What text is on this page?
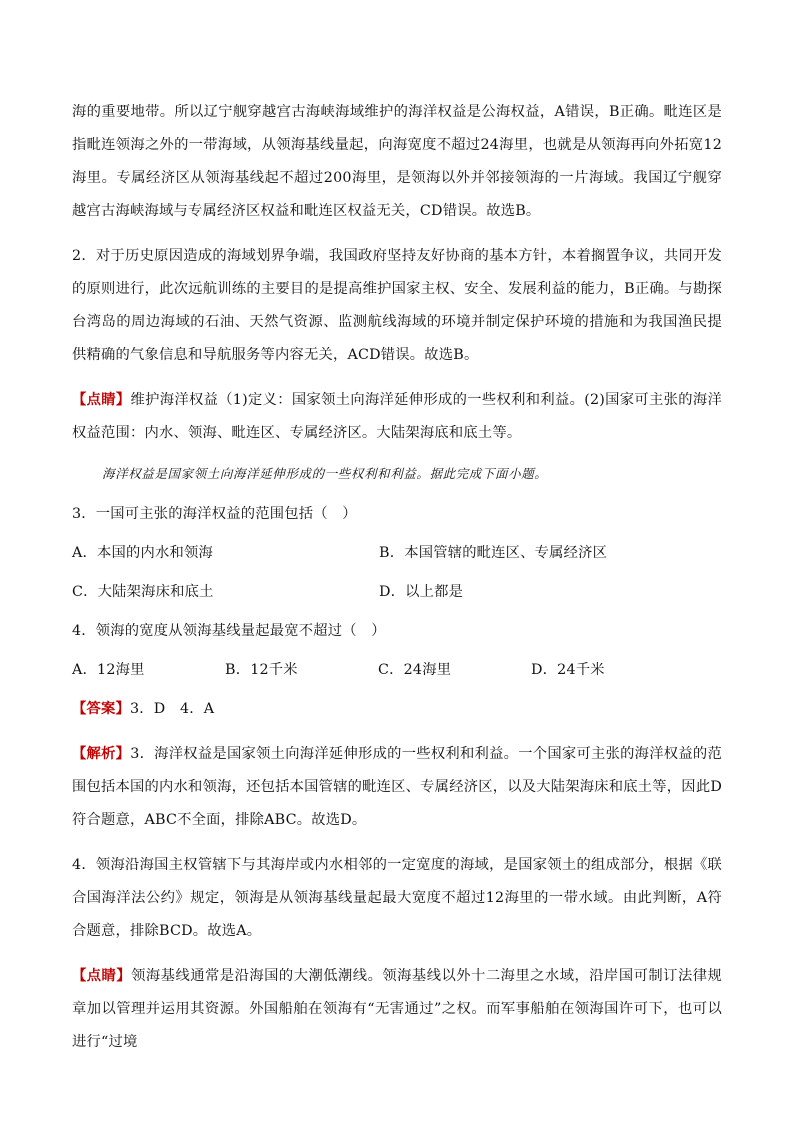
海的重要地带。所以辽宁舰穿越宫古海峡海域维护的海洋权益是公海权益，A错误，B正确。毗连区是指毗连领海之外的一带海域，从领海基线量起，向海宽度不超过24海里，也就是从领海再向外拓宽12海里。专属经济区从领海基线起不超过200海里，是领海以外并邻接领海的一片海域。我国辽宁舰穿越宫古海峡海域与专属经济区权益和毗连区权益无关，CD错误。故选B。

2．对于历史原因造成的海域划界争端，我国政府坚持友好协商的基本方针，本着搁置争议，共同开发的原则进行，此次远航训练的主要目的是提高维护国家主权、安全、发展利益的能力，B正确。与勘探台湾岛的周边海域的石油、天然气资源、监测航线海域的环境并制定保护环境的措施和为我国渔民提供精确的气象信息和导航服务等内容无关，ACD错误。故选B。

【点睛】维护海洋权益（1)定义：国家领土向海洋延伸形成的一些权利和利益。(2)国家可主张的海洋权益范围：内水、领海、毗连区、专属经济区。大陆架海底和底土等。

海洋权益是国家领土向海洋延伸形成的一些权利和利益。据此完成下面小题。

3．一国可主张的海洋权益的范围包括（　）

A．本国的内水和领海	B．本国管辖的毗连区、专属经济区
C．大陆架海床和底土	D．以上都是

4．领海的宽度从领海基线量起最宽不超过（　）

A．12海里	B．12千米	C．24海里	D．24千米

【答案】3．D　4．A

【解析】3．海洋权益是国家领土向海洋延伸形成的一些权利和利益。一个国家可主张的海洋权益的范围包括本国的内水和领海，还包括本国管辖的毗连区、专属经济区，以及大陆架海床和底土等，因此D符合题意，ABC不全面，排除ABC。故选D。

4．领海沿海国主权管辖下与其海岸或内水相邻的一定宽度的海域，是国家领土的组成部分，根据《联合国海洋法公约》规定，领海是从领海基线量起最大宽度不超过12海里的一带水域。由此判断，A符合题意，排除BCD。故选A。

【点睛】领海基线通常是沿海国的大潮低潮线。领海基线以外十二海里之水域，沿岸国可制订法律规章加以管理并运用其资源。外国船舶在领海有“无害通过”之权。而军事船舶在领海国许可下，也可以进行“过境
